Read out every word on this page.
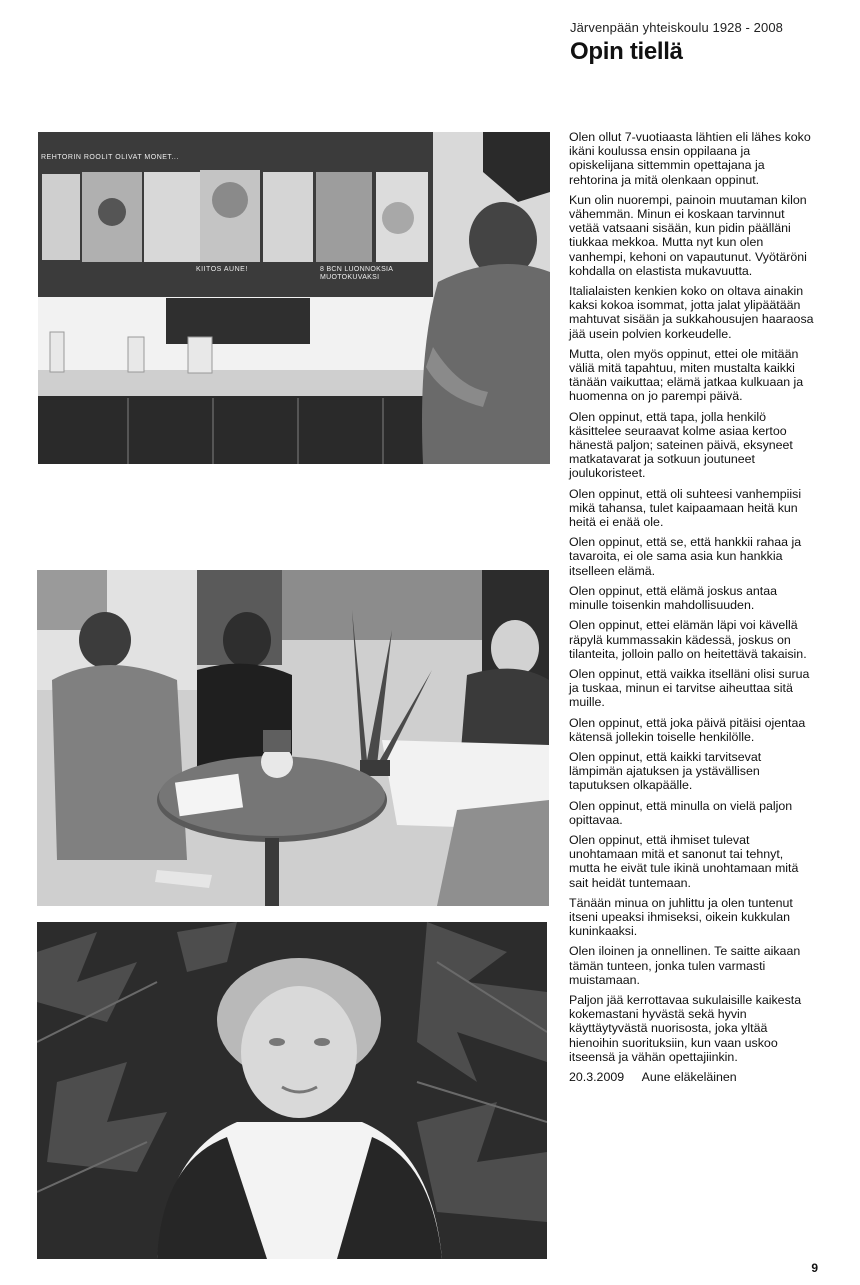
Järvenpään yhteiskoulu 1928 - 2008
Opin tiellä
REHTORIN ROOLIT OLIVAT MONET...
KIITOS AUNE!	8 BCN LUONNOKSIA MUOTOKUVAKSI

Olen ollut 7-vuotiaasta lähtien eli lähes koko ikäni koulussa ensin oppilaana ja opiskelijana sittemmin opettajana ja rehtorina ja mitä olenkaan oppinut.

Kun olin nuorempi, painoin muutaman kilon vähemmän. Minun ei koskaan tarvinnut vetää vatsaani sisään, kun pidin päälläni tiukkaa mekkoa. Mutta nyt kun olen vanhempi, kehoni on vapautunut. Vyötäröni kohdalla on elastista mukavuutta.

Italialaisten kenkien koko on oltava ainakin kaksi kokoa isommat, jotta jalat ylipäätään mahtuvat sisään ja sukkahousujen haaraosa jää usein polvien korkeudelle.

Mutta, olen myös oppinut, ettei ole mitään väliä mitä tapahtuu, miten mustalta kaikki tänään vaikuttaa; elämä jatkaa kulkuaan ja huomenna on jo parempi päivä.

Olen oppinut, että tapa, jolla henkilö käsittelee seuraavat kolme asiaa kertoo hänestä paljon; sateinen päivä, eksyneet matkatavarat ja sotkuun joutuneet joulukoristeet.

Olen oppinut, että oli suhteesi vanhempiisi mikä tahansa, tulet kaipaamaan heitä kun heitä ei enää ole.

Olen oppinut, että se, että hankkii rahaa ja tavaroita, ei ole sama asia kun hankkia itselleen elämä.

Olen oppinut, että elämä joskus antaa minulle toisenkin mahdollisuuden.

Olen oppinut, ettei elämän läpi voi kävellä räpylä kummassakin kädessä, joskus on tilanteita, jolloin pallo on heitettävä takaisin.

Olen oppinut, että vaikka itselläni olisi surua ja tuskaa, minun ei tarvitse aiheuttaa sitä muille.

Olen oppinut, että joka päivä pitäisi ojentaa kätensä jollekin toiselle henkilölle.

Olen oppinut, että kaikki tarvitsevat lämpimän ajatuksen ja ystävällisen taputuksen olkapäälle.

Olen oppinut, että minulla on vielä paljon opittavaa.

Olen oppinut, että ihmiset tulevat unohtamaan mitä et sanonut tai tehnyt, mutta he eivät tule ikinä unohtamaan mitä sait heidät tuntemaan.

Tänään minua on juhlittu ja olen tuntenut itseni upeaksi ihmiseksi, oikein kukkulan kuninkaaksi.

Olen iloinen ja onnellinen. Te saitte aikaan tämän tunteen, jonka tulen varmasti muistamaan.

Paljon jää kerrottavaa sukulaisille kaikesta kokemastani hyvästä sekä hyvin käyttäytyvästä nuorisosta, joka yltää hienoihin suorituksiin, kun vaan uskoo itseensä ja vähän opettajiinkin.

20.3.2009 Aune eläkeläinen
9
